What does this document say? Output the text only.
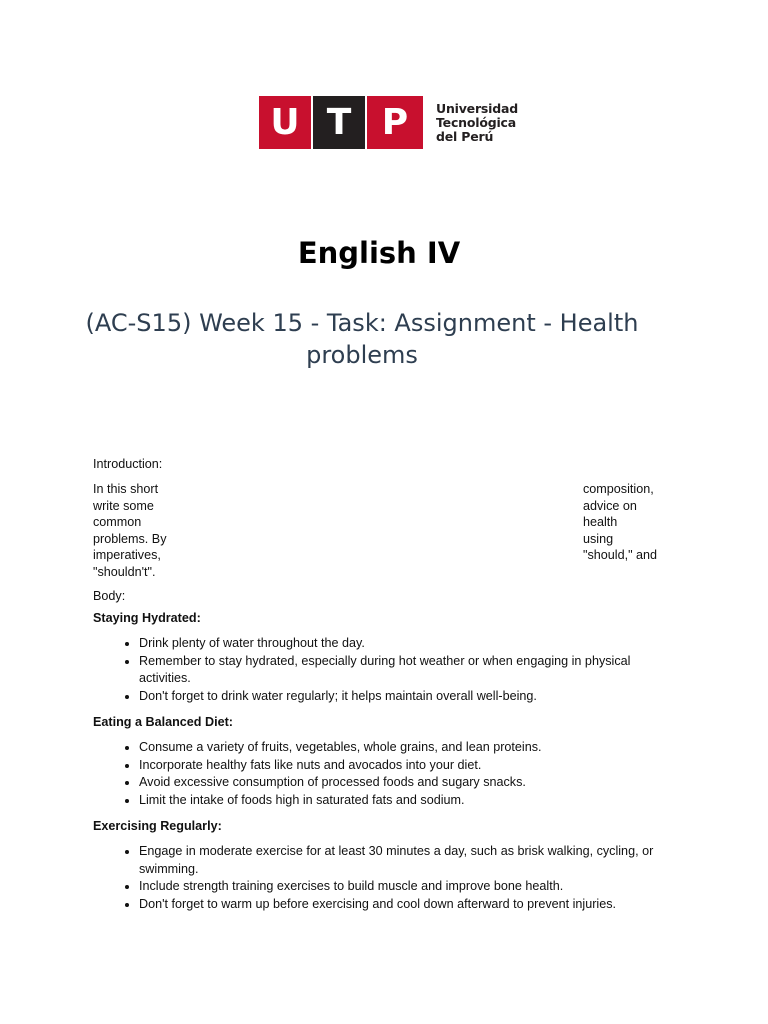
U T P	Universidad
Tecnológica
del Perú
English IV
(AC-S15) Week 15 - Task: Assignment - Health problems

Introduction:

In this short
write some
common
problems. By
imperatives,
"shouldn't".
composition,
advice on
health
using
"should," and

Body:

Staying Hydrated:

• Drink plenty of water throughout the day.
• Remember to stay hydrated, especially during hot weather or when engaging in physical activities.
• Don't forget to drink water regularly; it helps maintain overall well-being.

Eating a Balanced Diet:

• Consume a variety of fruits, vegetables, whole grains, and lean proteins.
• Incorporate healthy fats like nuts and avocados into your diet.
• Avoid excessive consumption of processed foods and sugary snacks.
• Limit the intake of foods high in saturated fats and sodium.

Exercising Regularly:

• Engage in moderate exercise for at least 30 minutes a day, such as brisk walking, cycling, or swimming.
• Include strength training exercises to build muscle and improve bone health.
• Don't forget to warm up before exercising and cool down afterward to prevent injuries.
